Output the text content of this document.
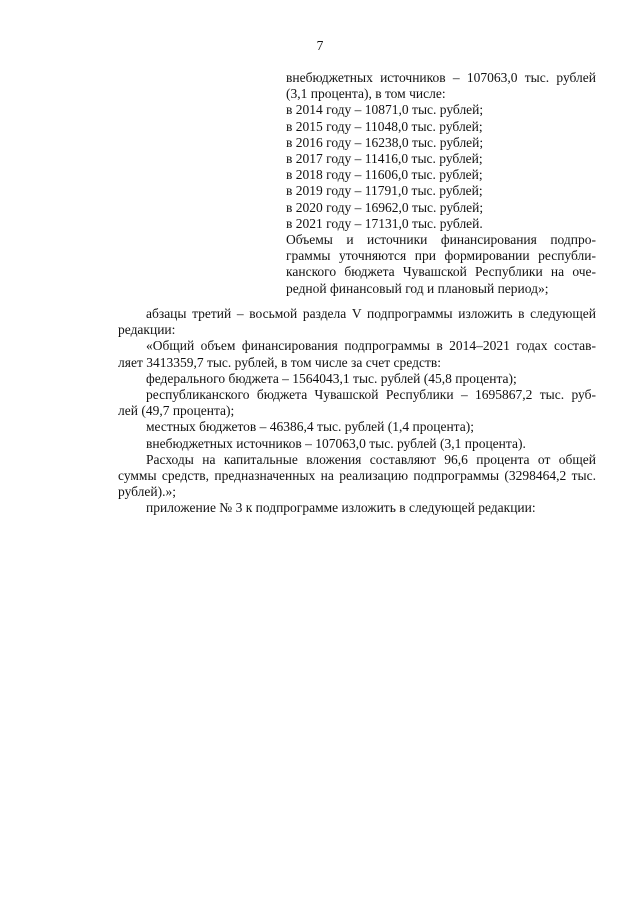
7
внебюджетных источников – 107063,0 тыс. рублей
(3,1 процента), в том числе:
в 2014 году – 10871,0 тыс. рублей;
в 2015 году – 11048,0 тыс. рублей;
в 2016 году – 16238,0 тыс. рублей;
в 2017 году – 11416,0 тыс. рублей;
в 2018 году – 11606,0 тыс. рублей;
в 2019 году – 11791,0 тыс. рублей;
в 2020 году – 16962,0 тыс. рублей;
в 2021 году – 17131,0 тыс. рублей.
Объемы и источники финансирования подпро-
граммы уточняются при формировании республи-
канского бюджета Чувашской Республики на оче-
редной финансовый год и плановый период»;
абзацы третий – восьмой раздела V подпрограммы изложить в следующей
редакции:
«Общий объем финансирования подпрограммы в 2014–2021 годах состав-
ляет 3413359,7 тыс. рублей, в том числе за счет средств:
федерального бюджета – 1564043,1 тыс. рублей (45,8 процента);
республиканского бюджета Чувашской Республики – 1695867,2 тыс. руб-
лей (49,7 процента);
местных бюджетов – 46386,4 тыс. рублей (1,4 процента);
внебюджетных источников – 107063,0 тыс. рублей (3,1 процента).
Расходы на капитальные вложения составляют 96,6 процента от общей
суммы средств, предназначенных на реализацию подпрограммы (3298464,2 тыс.
рублей).»;
приложение № 3 к подпрограмме изложить в следующей редакции:
